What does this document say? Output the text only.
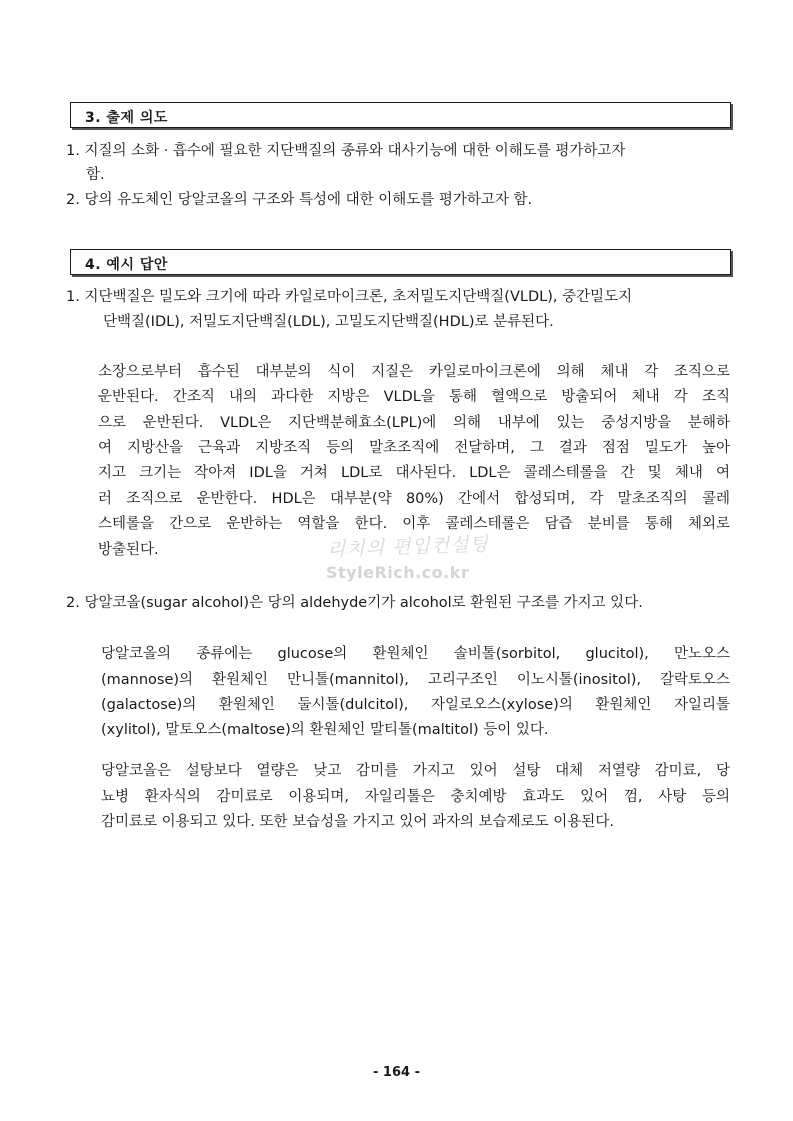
3. 출제 의도
1. 지질의 소화 · 흡수에 필요한 지단백질의 종류와 대사기능에 대한 이해도를 평가하고자
함.
2. 당의 유도체인 당알코올의 구조와 특성에 대한 이해도를 평가하고자 함.
4. 예시 답안
1. 지단백질은 밀도와 크기에 따라 카일로마이크론, 초저밀도지단백질(VLDL), 중간밀도지
단백질(IDL), 저밀도지단백질(LDL), 고밀도지단백질(HDL)로 분류된다.
소장으로부터 흡수된 대부분의 식이 지질은 카일로마이크론에 의해 체내 각 조직으로
운반된다. 간조직 내의 과다한 지방은 VLDL을 통해 혈액으로 방출되어 체내 각 조직
으로 운반된다. VLDL은 지단백분해효소(LPL)에 의해 내부에 있는 중성지방을 분해하
여 지방산을 근육과 지방조직 등의 말초조직에 전달하며, 그 결과 점점 밀도가 높아
지고 크기는 작아져 IDL을 거쳐 LDL로 대사된다. LDL은 콜레스테롤을 간 및 체내 여
러 조직으로 운반한다. HDL은 대부분(약 80%) 간에서 합성되며, 각 말초조직의 콜레
스테롤을 간으로 운반하는 역할을 한다. 이후 콜레스테롤은 담즙 분비를 통해 체외로
방출된다.	리치의 편입컨설팅
StyleRich.co.kr
2. 당알코올(sugar alcohol)은 당의 aldehyde기가 alcohol로 환원된 구조를 가지고 있다.
당알코올의 종류에는 glucose의 환원체인 솔비톨(sorbitol, glucitol), 만노오스
(mannose)의 환원체인 만니톨(mannitol), 고리구조인 이노시톨(inositol), 갈락토오스
(galactose)의 환원체인 둘시톨(dulcitol), 자일로오스(xylose)의 환원체인 자일리톨
(xylitol), 말토오스(maltose)의 환원체인 말티톨(maltitol) 등이 있다.
당알코올은 설탕보다 열량은 낮고 감미를 가지고 있어 설탕 대체 저열량 감미료, 당
뇨병 환자식의 감미료로 이용되며, 자일리톨은 충치예방 효과도 있어 껌, 사탕 등의
감미료로 이용되고 있다. 또한 보습성을 가지고 있어 과자의 보습제로도 이용된다.
- 164 -
